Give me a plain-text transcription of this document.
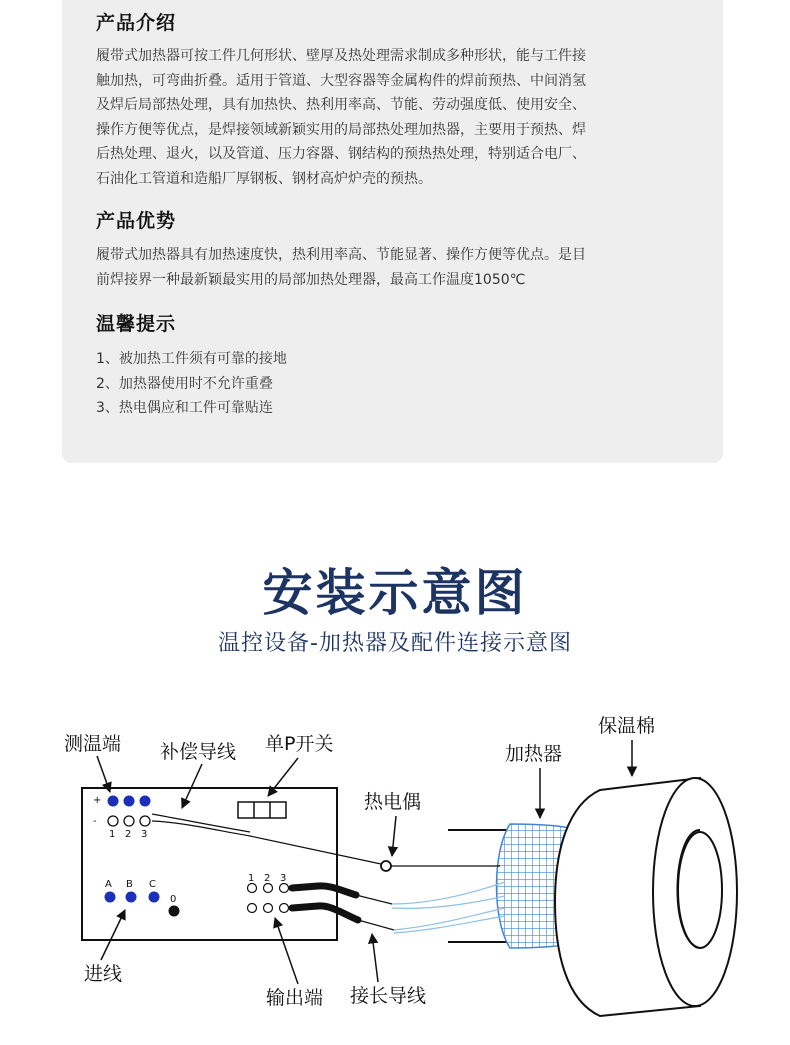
产品介绍
履带式加热器可按工件几何形状、壁厚及热处理需求制成多种形状，能与工件接
触加热，可弯曲折叠。适用于管道、大型容器等金属构件的焊前预热、中间消氢
及焊后局部热处理，具有加热快、热利用率高、节能、劳动强度低、使用安全、
操作方便等优点，是焊接领域新颖实用的局部热处理加热器，主要用于预热、焊
后热处理、退火，以及管道、压力容器、钢结构的预热热处理，特别适合电厂、
石油化工管道和造船厂厚钢板、钢材高炉炉壳的预热。
产品优势
履带式加热器具有加热速度快，热利用率高、节能显著、操作方便等优点。是目
前焊接界一种最新颖最实用的局部加热处理器，最高工作温度1050℃
温馨提示
1、被加热工件须有可靠的接地
2、加热器使用时不允许重叠
3、热电偶应和工件可靠贴连
安装示意图
温控设备-加热器及配件连接示意图
+
-
1 2 3
A B C
0
1 2 3
测温端 补偿导线 单P开关
保温棉
加热器
热电偶
进线
输出端 接长导线
